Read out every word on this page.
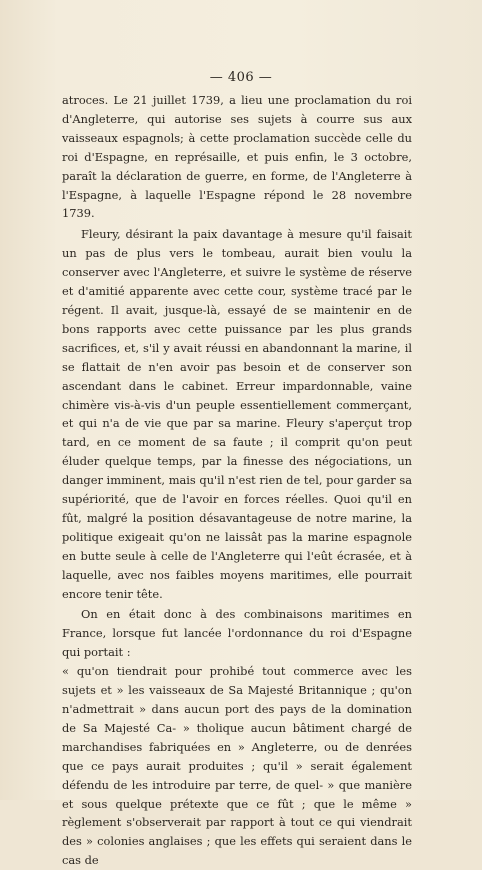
— 406 —

atroces. Le 21 juillet 1739, a lieu une proclamation du roi d'Angleterre, qui autorise ses sujets à courre sus aux vaisseaux espagnols; à cette proclamation succède celle du roi d'Espagne, en représaille, et puis enfin, le 3 octobre, paraît la déclaration de guerre, en forme, de l'Angleterre à l'Espagne, à laquelle l'Espagne répond le 28 novembre 1739.

Fleury, désirant la paix davantage à mesure qu'il faisait un pas de plus vers le tombeau, aurait bien voulu la conserver avec l'Angleterre, et suivre le système de réserve et d'amitié apparente avec cette cour, système tracé par le régent. Il avait, jusque-là, essayé de se maintenir en de bons rapports avec cette puissance par les plus grands sacrifices, et, s'il y avait réussi en abandonnant la marine, il se flattait de n'en avoir pas besoin et de conserver son ascendant dans le cabinet. Erreur impardonnable, vaine chimère vis-à-vis d'un peuple essentiellement commerçant, et qui n'a de vie que par sa marine. Fleury s'aperçut trop tard, en ce moment de sa faute ; il comprit qu'on peut éluder quelque temps, par la finesse des négociations, un danger imminent, mais qu'il n'est rien de tel, pour garder sa supériorité, que de l'avoir en forces réelles. Quoi qu'il en fût, malgré la position désavantageuse de notre marine, la politique exigeait qu'on ne laissât pas la marine espagnole en butte seule à celle de l'Angleterre qui l'eût écrasée, et à laquelle, avec nos faibles moyens maritimes, elle pourrait encore tenir tête.

On en était donc à des combinaisons maritimes en France, lorsque fut lancée l'ordonnance du roi d'Espagne qui portait :

« qu'on tiendrait pour prohibé tout commerce avec les sujets et » les vaisseaux de Sa Majesté Britannique ; qu'on n'admettrait » dans aucun port des pays de la domination de Sa Majesté Ca- » tholique aucun bâtiment chargé de marchandises fabriquées en » Angleterre, ou de denrées que ce pays aurait produites ; qu'il » serait également défendu de les introduire par terre, de quel- » que manière et sous quelque prétexte que ce fût ; que le même » règlement s'observerait par rapport à tout ce qui viendrait des » colonies anglaises ; que les effets qui seraient dans le cas de
